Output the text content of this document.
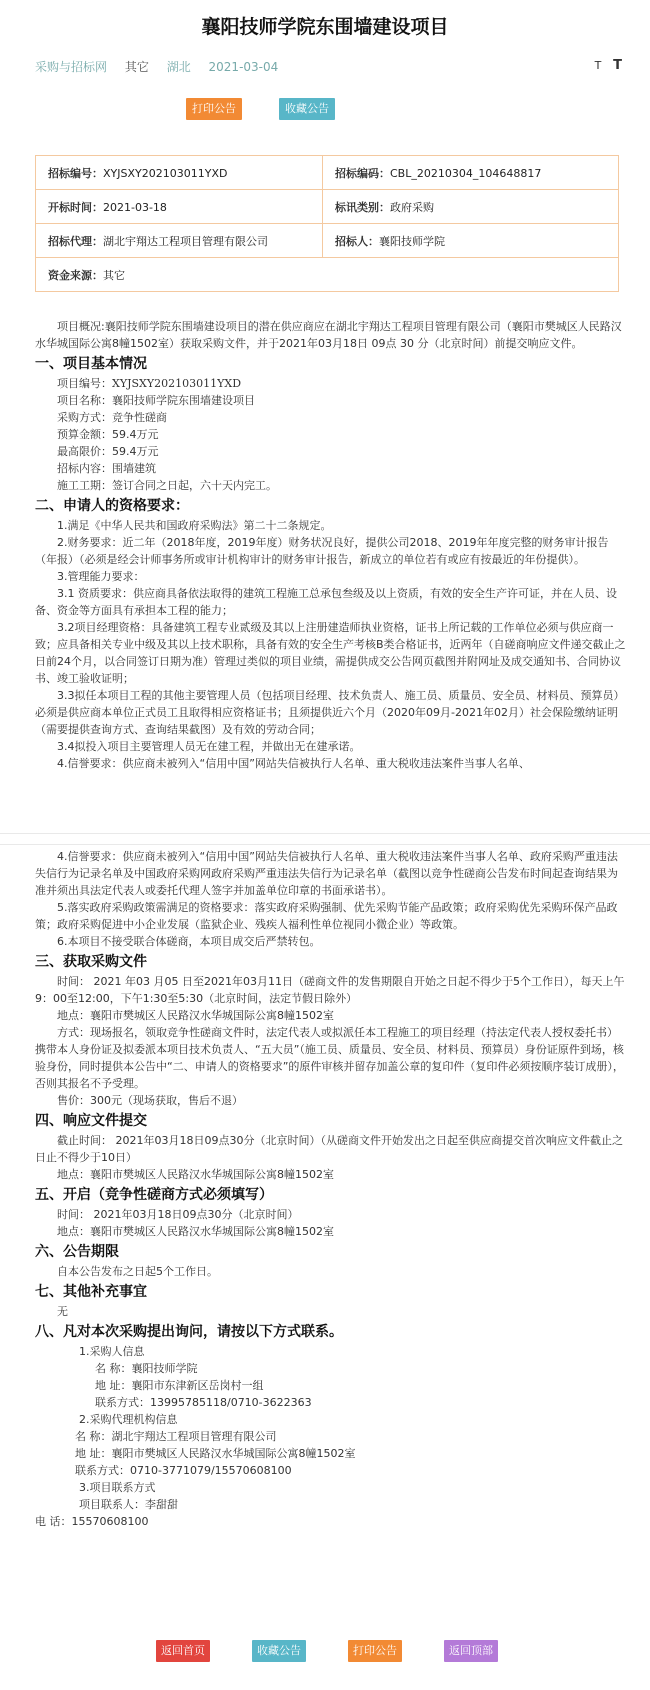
襄阳技师学院东围墙建设项目
采购与招标网 其它 湖北 2021-03-04	T T
打印公告	收藏公告
招标编号：XYJSXY202103011YXD	招标编码：CBL_20210304_104648817
开标时间：2021-03-18	标讯类别：政府采购
招标代理：湖北宇翔达工程项目管理有限公司	招标人：襄阳技师学院
资金来源：其它	

项目概况:襄阳技师学院东围墙建设项目的潜在供应商应在湖北宇翔达工程项目管理有限公司（襄阳市樊城区人民路汉水华城国际公寓8幢1502室）获取采购文件，并于2021年03月18日 09点 30 分（北京时间）前提交响应文件。

一、项目基本情况

项目编号：XYJSXY202103011YXD

项目名称：襄阳技师学院东围墙建设项目

采购方式：竞争性磋商

预算金额：59.4万元

最高限价：59.4万元

招标内容：围墙建筑

施工工期：签订合同之日起，六十天内完工。

二、申请人的资格要求：

1.满足《中华人民共和国政府采购法》第二十二条规定。

2.财务要求：近二年（2018年度，2019年度）财务状况良好，提供公司2018、2019年年度完整的财务审计报告（年报）（必须是经会计师事务所或审计机构审计的财务审计报告，新成立的单位若有或应有按最近的年份提供）。

3.管理能力要求：

3.1 资质要求：供应商具备依法取得的建筑工程施工总承包叁级及以上资质，有效的安全生产许可证，并在人员、设备、资金等方面具有承担本工程的能力；

3.2项目经理资格：具备建筑工程专业贰级及其以上注册建造师执业资格，证书上所记载的工作单位必须与供应商一致；应具备相关专业中级及其以上技术职称，具备有效的安全生产考核B类合格证书，近两年（自磋商响应文件递交截止之日前24个月，以合同签订日期为准）管理过类似的项目业绩，需提供成交公告网页截图并附网址及成交通知书、合同协议书、竣工验收证明；

3.3拟任本项目工程的其他主要管理人员（包括项目经理、技术负责人、施工员、质量员、安全员、材料员、预算员）必须是供应商本单位正式员工且取得相应资格证书；且须提供近六个月（2020年09月-2021年02月）社会保险缴纳证明（需要提供查询方式、查询结果截图）及有效的劳动合同；

3.4拟投入项目主要管理人员无在建工程，并做出无在建承诺。

4.信誉要求：供应商未被列入“信用中国”网站失信被执行人名单、重大税收违法案件当事人名单、

4.信誉要求：供应商未被列入“信用中国”网站失信被执行人名单、重大税收违法案件当事人名单、政府采购严重违法失信行为记录名单及中国政府采购网政府采购严重违法失信行为记录名单（截图以竞争性磋商公告发布时间起查询结果为准并须出具法定代表人或委托代理人签字并加盖单位印章的书面承诺书）。

5.落实政府采购政策需满足的资格要求：落实政府采购强制、优先采购节能产品政策；政府采购优先采购环保产品政策；政府采购促进中小企业发展（监狱企业、残疾人福利性单位视同小微企业）等政策。

6.本项目不接受联合体磋商，本项目成交后严禁转包。

三、获取采购文件

时间： 2021 年03 月05 日至2021年03月11日（磋商文件的发售期限自开始之日起不得少于5个工作日），每天上午9：00至12:00，下午1:30至5:30（北京时间，法定节假日除外）

地点：襄阳市樊城区人民路汉水华城国际公寓8幢1502室

方式：现场报名，领取竞争性磋商文件时，法定代表人或拟派任本工程施工的项目经理（持法定代表人授权委托书）携带本人身份证及拟委派本项目技术负责人、“五大员”（施工员、质量员、安全员、材料员、预算员）身份证原件到场，核验身份，同时提供本公告中“二、申请人的资格要求”的原件审核并留存加盖公章的复印件（复印件必须按顺序装订成册），否则其报名不予受理。

售价：300元（现场获取，售后不退）

四、响应文件提交

截止时间： 2021年03月18日09点30分（北京时间）（从磋商文件开始发出之日起至供应商提交首次响应文件截止之日止不得少于10日）

地点：襄阳市樊城区人民路汉水华城国际公寓8幢1502室

五、开启（竞争性磋商方式必须填写）

时间： 2021年03月18日09点30分（北京时间）

地点：襄阳市樊城区人民路汉水华城国际公寓8幢1502室

六、公告期限

自本公告发布之日起5个工作日。

七、其他补充事宜

无

八、凡对本次采购提出询问，请按以下方式联系。

1.采购人信息

名 称：襄阳技师学院

地 址：襄阳市东津新区岳岗村一组

联系方式：13995785118/0710-3622363

2.采购代理机构信息

名 称：湖北宇翔达工程项目管理有限公司

地 址：襄阳市樊城区人民路汉水华城国际公寓8幢1502室

联系方式：0710-3771079/15570608100

3.项目联系方式

项目联系人：李甜甜

电 话：15570608100

返回首页	收藏公告	打印公告	返回顶部
